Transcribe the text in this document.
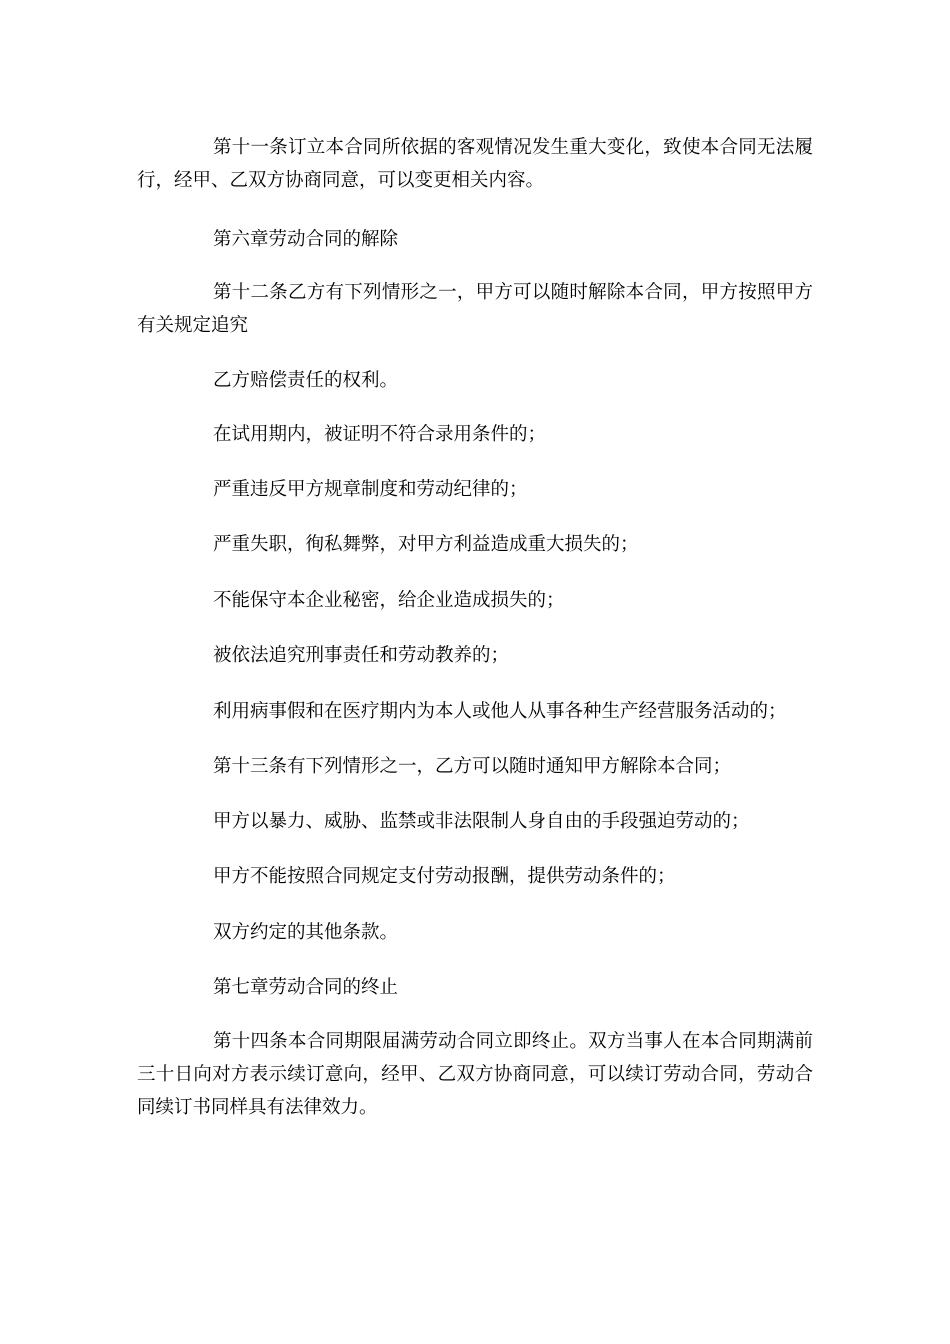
第十一条订立本合同所依据的客观情况发生重大变化，致使本合同无法履行，经甲、乙双方协商同意，可以变更相关内容。

第六章劳动合同的解除

第十二条乙方有下列情形之一，甲方可以随时解除本合同，甲方按照甲方有关规定追究

乙方赔偿责任的权利。

在试用期内，被证明不符合录用条件的；

严重违反甲方规章制度和劳动纪律的；

严重失职，徇私舞弊，对甲方利益造成重大损失的；

不能保守本企业秘密，给企业造成损失的；

被依法追究刑事责任和劳动教养的；

利用病事假和在医疗期内为本人或他人从事各种生产经营服务活动的；

第十三条有下列情形之一，乙方可以随时通知甲方解除本合同；

甲方以暴力、威胁、监禁或非法限制人身自由的手段强迫劳动的；

甲方不能按照合同规定支付劳动报酬，提供劳动条件的；

双方约定的其他条款。

第七章劳动合同的终止

第十四条本合同期限届满劳动合同立即终止。双方当事人在本合同期满前三十日向对方表示续订意向，经甲、乙双方协商同意，可以续订劳动合同，劳动合同续订书同样具有法律效力。
